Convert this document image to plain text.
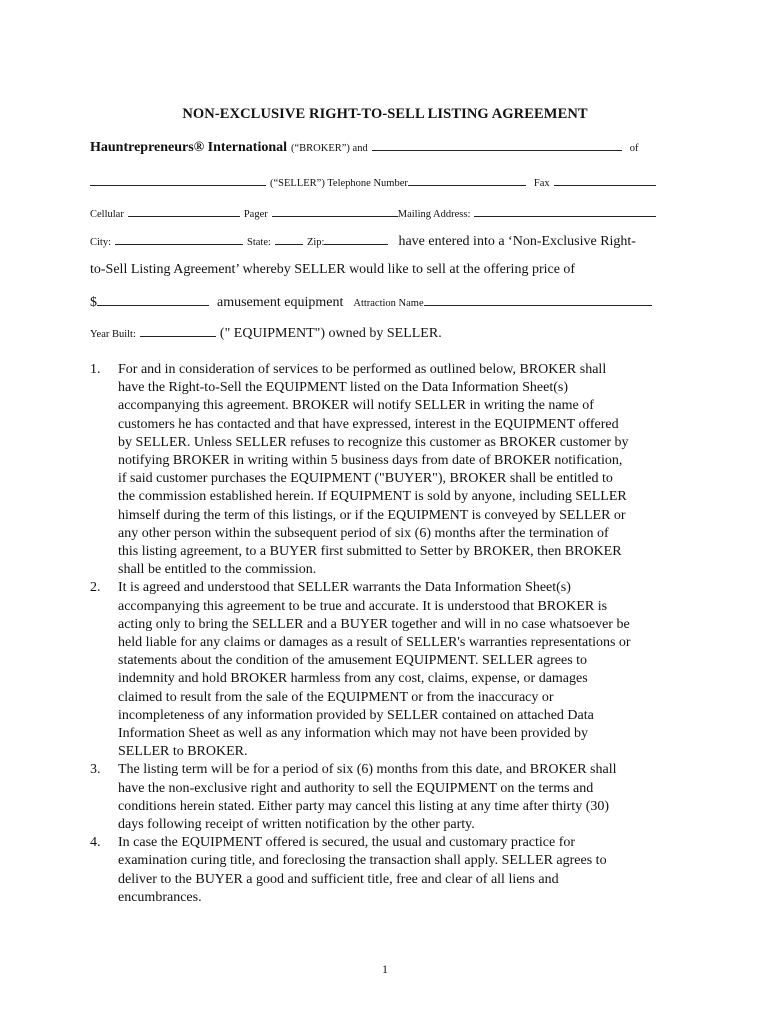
NON-EXCLUSIVE RIGHT-TO-SELL LISTING AGREEMENT
Hauntrepreneurs® International (“BROKER”) and	of
(“SELLER”) Telephone Number	Fax
Cellular	Pager	Mailing Address:
City:	State:	Zip:	have entered into a ‘Non-Exclusive Right-
to-Sell Listing Agreement’ whereby SELLER would like to sell at the offering price of
$	amusement equipment Attraction Name
Year Built:	(" EQUIPMENT") owned by SELLER.
1. For and in consideration of services to be performed as outlined below, BROKER shall
have the Right-to-Sell the EQUIPMENT listed on the Data Information Sheet(s)
accompanying this agreement. BROKER will notify SELLER in writing the name of
customers he has contacted and that have expressed, interest in the EQUIPMENT offered
by SELLER. Unless SELLER refuses to recognize this customer as BROKER customer by
notifying BROKER in writing within 5 business days from date of BROKER notification,
if said customer purchases the EQUIPMENT ("BUYER"), BROKER shall be entitled to
the commission established herein. If EQUIPMENT is sold by anyone, including SELLER
himself during the term of this listings, or if the EQUIPMENT is conveyed by SELLER or
any other person within the subsequent period of six (6) months after the termination of
this listing agreement, to a BUYER first submitted to Setter by BROKER, then BROKER
shall be entitled to the commission.
2. It is agreed and understood that SELLER warrants the Data Information Sheet(s)
accompanying this agreement to be true and accurate. It is understood that BROKER is
acting only to bring the SELLER and a BUYER together and will in no case whatsoever be
held liable for any claims or damages as a result of SELLER's warranties representations or
statements about the condition of the amusement EQUIPMENT. SELLER agrees to
indemnity and hold BROKER harmless from any cost, claims, expense, or damages
claimed to result from the sale of the EQUIPMENT or from the inaccuracy or
incompleteness of any information provided by SELLER contained on attached Data
Information Sheet as well as any information which may not have been provided by
SELLER to BROKER.
3. The listing term will be for a period of six (6) months from this date, and BROKER shall
have the non-exclusive right and authority to sell the EQUIPMENT on the terms and
conditions herein stated. Either party may cancel this listing at any time after thirty (30)
days following receipt of written notification by the other party.
4. In case the EQUIPMENT offered is secured, the usual and customary practice for
examination curing title, and foreclosing the transaction shall apply. SELLER agrees to
deliver to the BUYER a good and sufficient title, free and clear of all liens and
encumbrances.
1
